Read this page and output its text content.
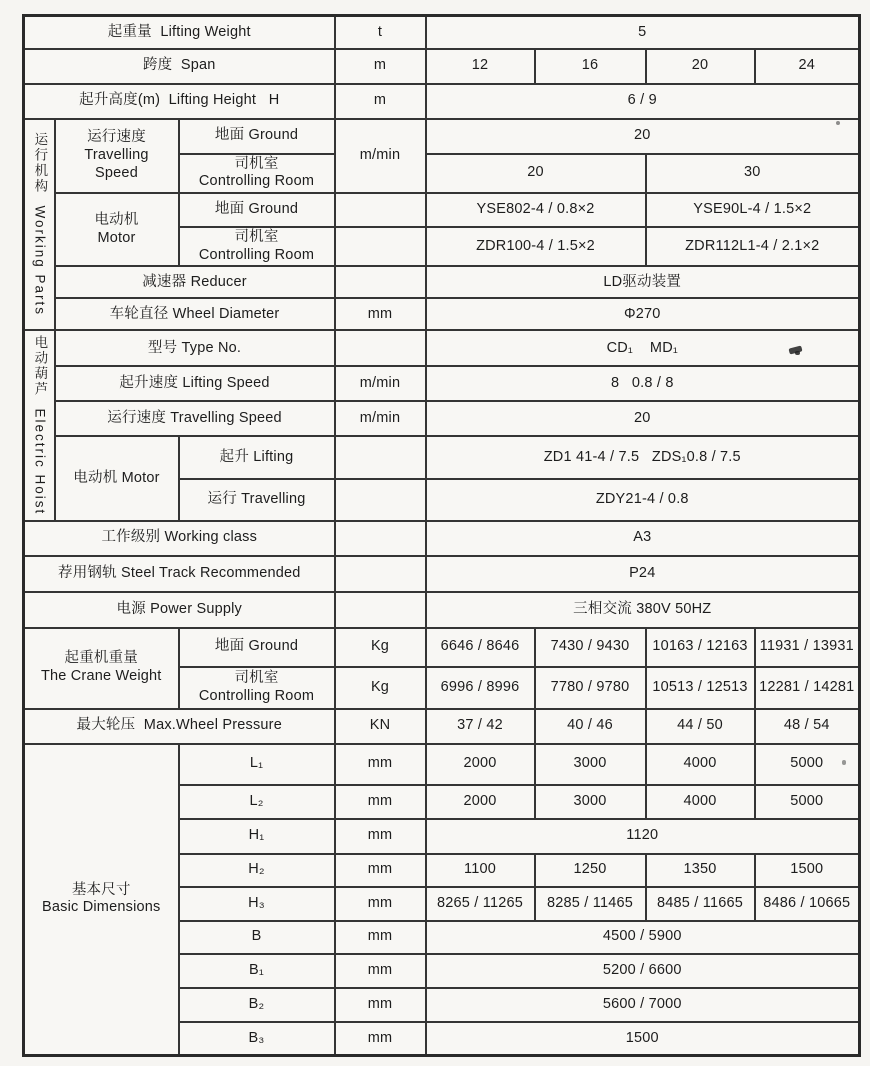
起重量  Lifting Weight			t	5			
跨度  Span			m	12	16	20	24
起升高度(m)  Lifting Height   H			m	6 / 9			
运行机构  Working Parts	运行速度
Travelling
Speed	地面 Ground	m/min	20			

		司机室
Controlling Room		20		30	

	电动机
Motor	地面 Ground		YSE802-4 / 0.8×2		YSE90L-4 / 1.5×2	

		司机室
Controlling Room		ZDR100-4 / 1.5×2		ZDR112L1-4 / 2.1×2	
	减速器 Reducer			LD驱动装置			
	车轮直径 Wheel Diameter		mm	Φ270			
电动葫芦  Electric Hoist	型号 Type No.			CD₁    MD₁			
	起升速度 Lifting Speed		m/min	8   0.8 / 8			
	运行速度 Travelling Speed		m/min	20			
	电动机 Motor	起升 Lifting		ZD1 41-4 / 7.5   ZDS₁0.8 / 7.5			
		运行 Travelling		ZDY21-4 / 0.8			
工作级别 Working class				A3			
荐用钢轨 Steel Track Recommended				P24			
电源 Power Supply				三相交流 380V 50HZ			

起重机重量
The Crane Weight		地面 Ground	Kg	6646 / 8646	7430 / 9430	10163 / 12163	11931 / 13931

		司机室
Controlling Room	Kg	6996 / 8996	7780 / 9780	10513 / 12513	12281 / 14281
最大轮压  Max.Wheel Pressure			KN	37 / 42	40 / 46	44 / 50	48 / 54

基本尺寸
Basic Dimensions		L₁	mm	2000	3000	4000	5000
		L₂	mm	2000	3000	4000	5000
		H₁	mm	1120			
		H₂	mm	1100	1250	1350	1500
		H₃	mm	8265 / 11265	8285 / 11465	8485 / 11665	8486 / 10665
		B	mm	4500 / 5900			
		B₁	mm	5200 / 6600			
		B₂	mm	5600 / 7000			
		B₃	mm	1500			
